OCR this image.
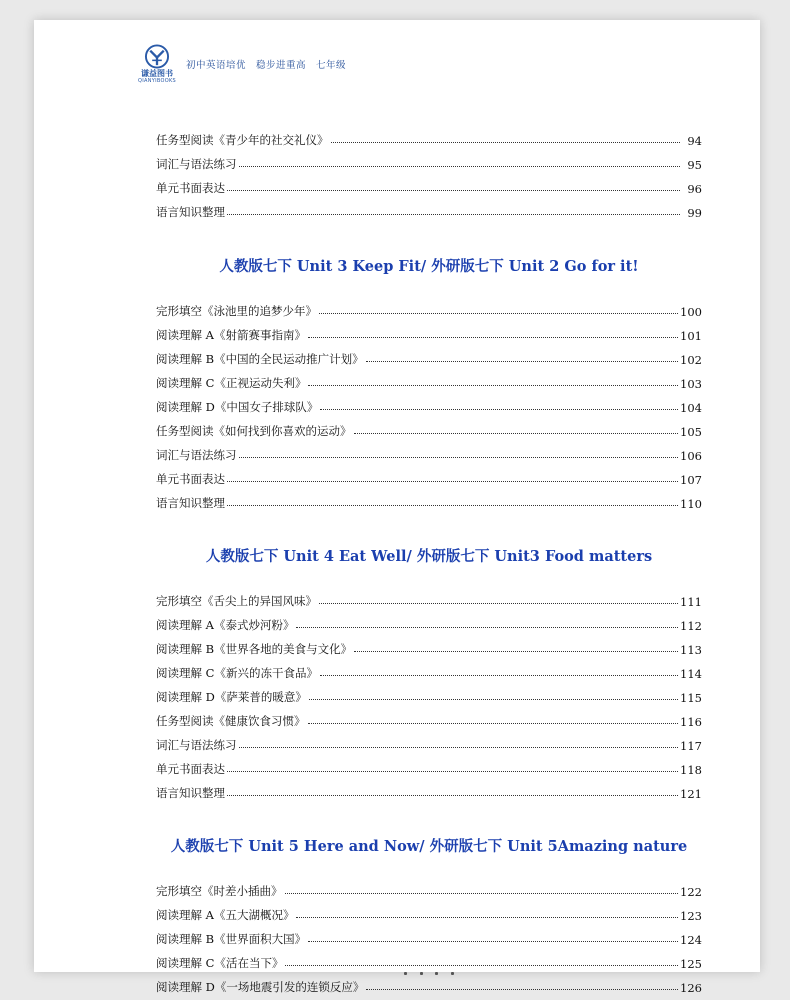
谦益图书
QIANYIBOOKS
初中英语培优　稳步进重高　七年级
任务型阅读《青少年的社交礼仪》	94
词汇与语法练习	95
单元书面表达	96
语言知识整理	99
人教版七下 Unit 3 Keep Fit/ 外研版七下 Unit 2 Go for it!
完形填空《泳池里的追梦少年》	100
阅读理解 A《射箭赛事指南》	101
阅读理解 B《中国的全民运动推广计划》	102
阅读理解 C《正视运动失利》	103
阅读理解 D《中国女子排球队》	104
任务型阅读《如何找到你喜欢的运动》	105
词汇与语法练习	106
单元书面表达	107
语言知识整理	110
人教版七下 Unit 4 Eat Well/ 外研版七下 Unit3 Food matters
完形填空《舌尖上的异国风味》	111
阅读理解 A《泰式炒河粉》	112
阅读理解 B《世界各地的美食与文化》	113
阅读理解 C《新兴的冻干食品》	114
阅读理解 D《萨莱普的暖意》	115
任务型阅读《健康饮食习惯》	116
词汇与语法练习	117
单元书面表达	118
语言知识整理	121
人教版七下 Unit 5 Here and Now/ 外研版七下 Unit 5Amazing nature
完形填空《时差小插曲》	122
阅读理解 A《五大湖概况》	123
阅读理解 B《世界面积大国》	124
阅读理解 C《活在当下》	125
阅读理解 D《一场地震引发的连锁反应》	126
